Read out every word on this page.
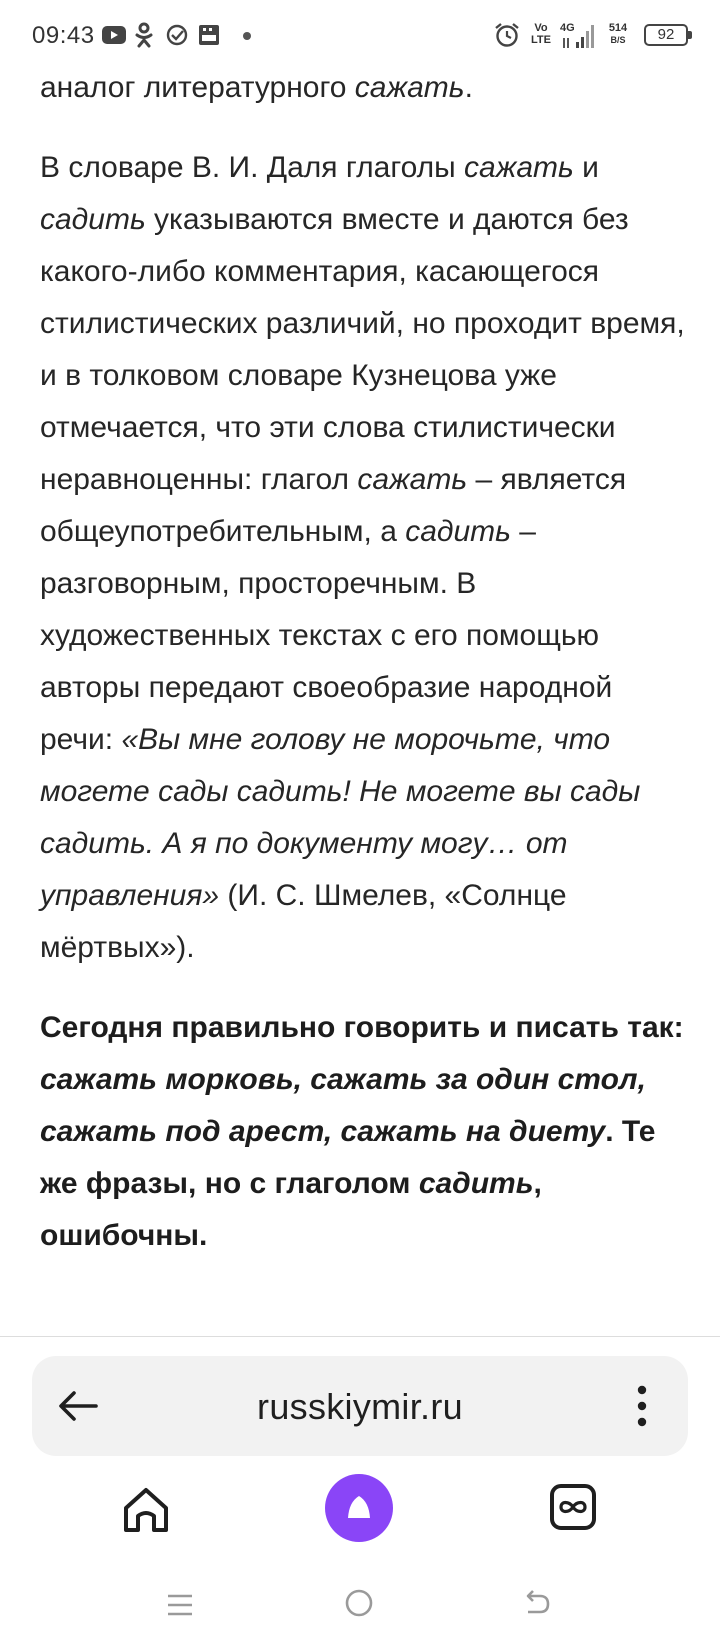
09:43	Vo
LTE
4G	514
B/S	92

аналог литературного сажать.

В словаре В. И. Даля глаголы сажать и садить указываются вместе и даются без какого-либо комментария, касающегося стилистических различий, но проходит время, и в толковом словаре Кузнецова уже отмечается, что эти слова стилистически неравноценны: глагол сажать – является общеупотребительным, а садить – разговорным, просторечным. В художественных текстах с его помощью авторы передают своеобразие народной речи: «Вы мне голову не морочьте, что могете сады садить! Не могете вы сады садить. А я по документу могу… от управления» (И. С. Шмелев, «Солнце мёртвых»).

Сегодня правильно говорить и писать так: сажать морковь, сажать за один стол, сажать под арест, сажать на диету. Те же фразы, но с глаголом садить, ошибочны.

russkiymir.ru
